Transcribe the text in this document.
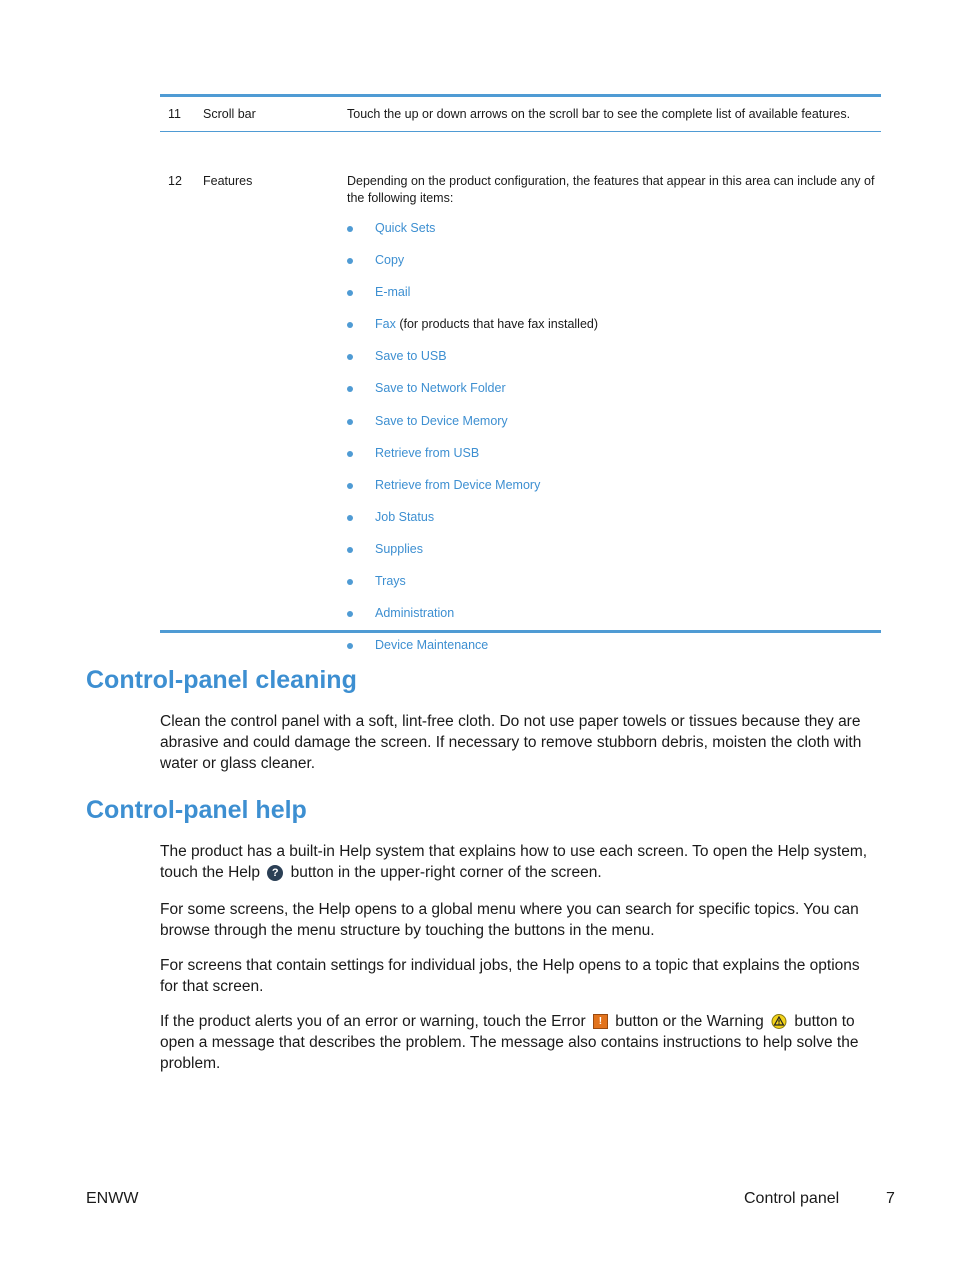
11 Scroll bar	Touch the up or down arrows on the scroll bar to see the complete list of available features.
12 Features	Depending on the product configuration, the features that appear in this area can include any of the following items:
Quick Sets
Copy
E-mail
Fax (for products that have fax installed)
Save to USB
Save to Network Folder
Save to Device Memory
Retrieve from USB
Retrieve from Device Memory
Job Status
Supplies
Trays
Administration
Device Maintenance
Control-panel cleaning

Clean the control panel with a soft, lint-free cloth. Do not use paper towels or tissues because they are abrasive and could damage the screen. If necessary to remove stubborn debris, moisten the cloth with water or glass cleaner.

Control-panel help

The product has a built-in Help system that explains how to use each screen. To open the Help system, touch the Help ? button in the upper-right corner of the screen.

For some screens, the Help opens to a global menu where you can search for specific topics. You can browse through the menu structure by touching the buttons in the menu.

For screens that contain settings for individual jobs, the Help opens to a topic that explains the options for that screen.

If the product alerts you of an error or warning, touch the Error ! button or the Warning button to open a message that describes the problem. The message also contains instructions to help solve the problem.

ENWW	Control panel	7
